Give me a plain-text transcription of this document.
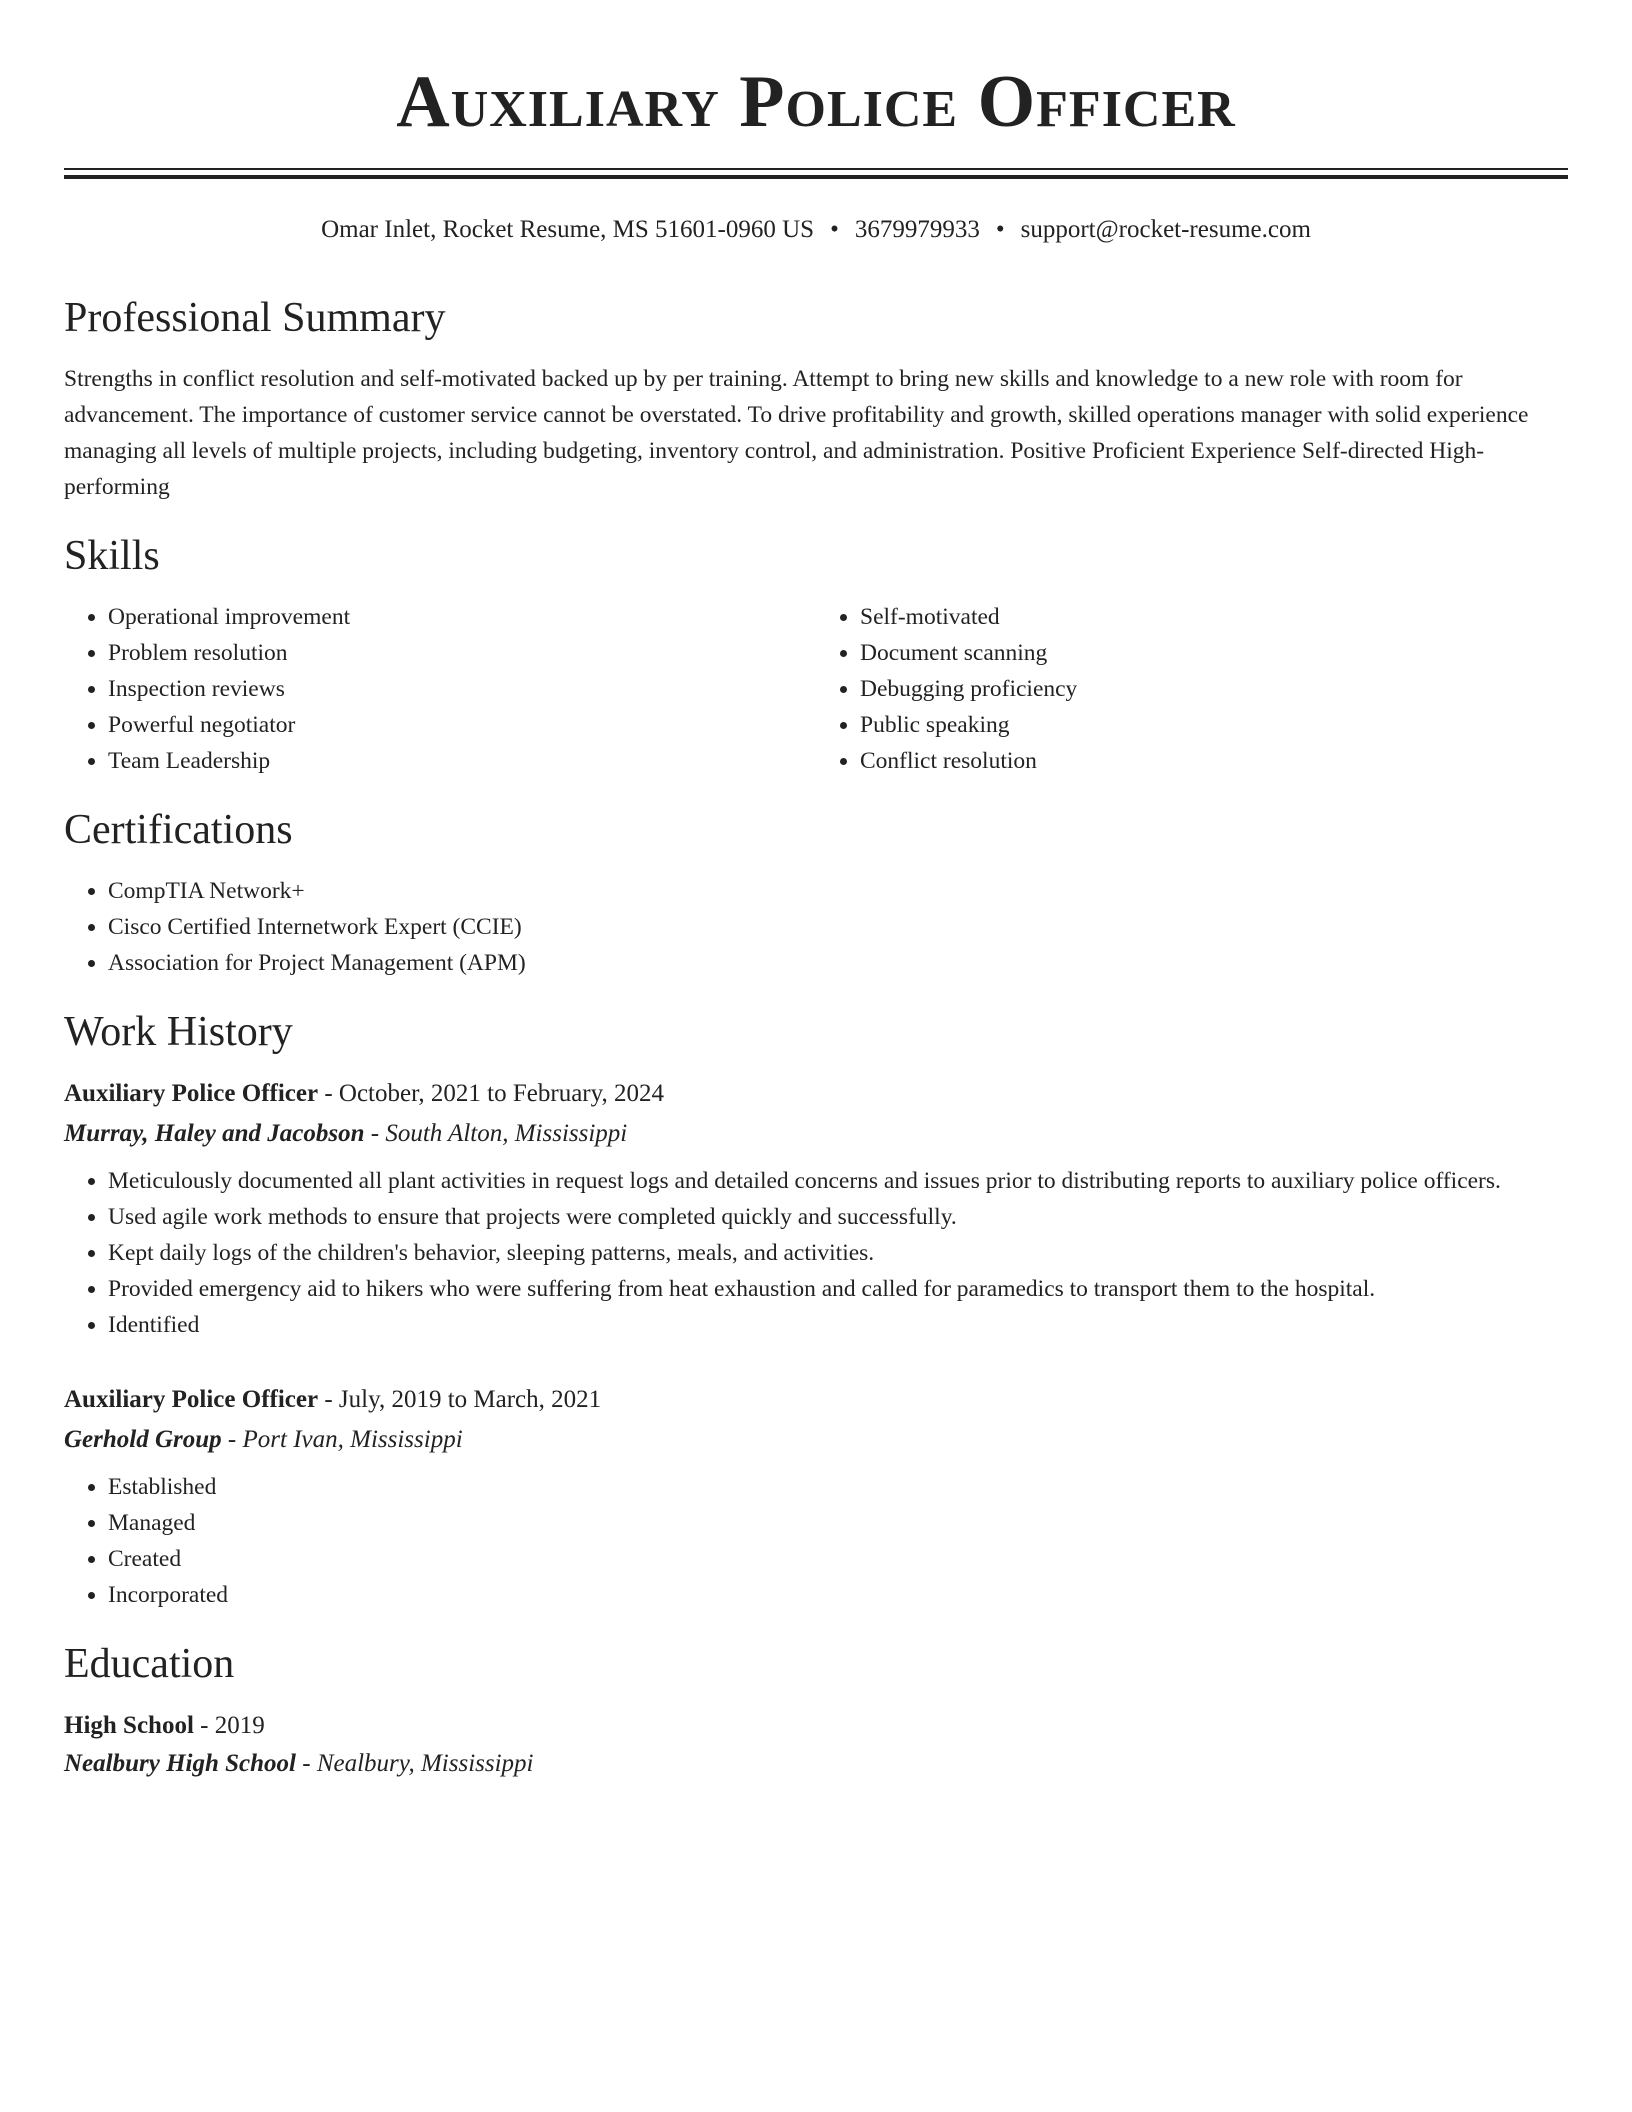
Auxiliary Police Officer
Omar Inlet, Rocket Resume, MS 51601-0960 US • 3679979933 • support@rocket-resume.com
Professional Summary

Strengths in conflict resolution and self-motivated backed up by per training. Attempt to bring new skills and knowledge to a new role with room for advancement. The importance of customer service cannot be overstated. To drive profitability and growth, skilled operations manager with solid experience managing all levels of multiple projects, including budgeting, inventory control, and administration. Positive Proficient Experience Self-directed High-performing

Skills
• Operational improvement
• Problem resolution
• Inspection reviews
• Powerful negotiator
• Team Leadership
• Self-motivated
• Document scanning
• Debugging proficiency
• Public speaking
• Conflict resolution
Certifications
• CompTIA Network+
• Cisco Certified Internetwork Expert (CCIE)
• Association for Project Management (APM)
Work History
Auxiliary Police Officer - October, 2021 to February, 2024
Murray, Haley and Jacobson - South Alton, Mississippi
• Meticulously documented all plant activities in request logs and detailed concerns and issues prior to distributing reports to auxiliary police officers.
• Used agile work methods to ensure that projects were completed quickly and successfully.
• Kept daily logs of the children's behavior, sleeping patterns, meals, and activities.
• Provided emergency aid to hikers who were suffering from heat exhaustion and called for paramedics to transport them to the hospital.
• Identified
Auxiliary Police Officer - July, 2019 to March, 2021
Gerhold Group - Port Ivan, Mississippi
• Established
• Managed
• Created
• Incorporated
Education
High School - 2019
Nealbury High School - Nealbury, Mississippi
